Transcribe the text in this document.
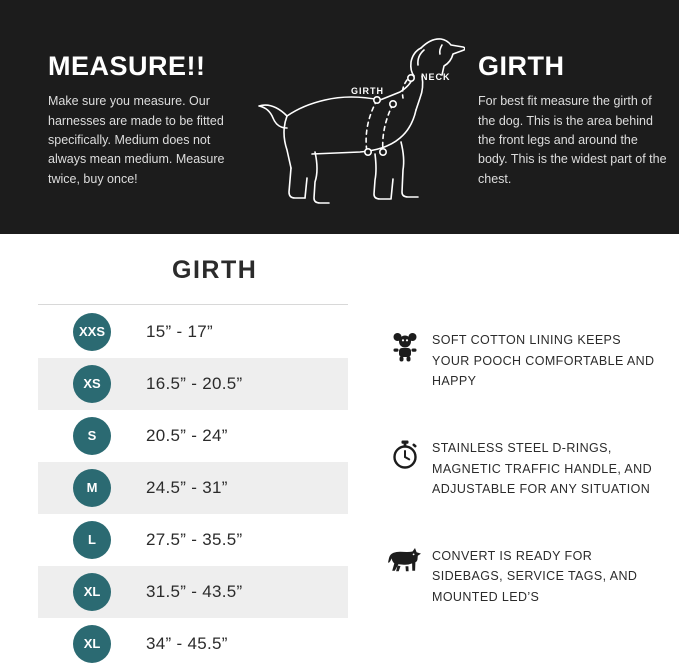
MEASURE!!

Make sure you measure. Our harnesses are made to be fitted specifically. Medium does not always mean medium. Measure twice, buy once!

GIRTH
NECK GIRTH

For best fit measure the girth of the dog. This is the area behind the front legs and around the body. This is the widest part of the chest.

GIRTH

XXS	15” - 17”
XS	16.5” - 20.5”
S	20.5” - 24”
M	24.5” - 31”
L	27.5” - 35.5”
XL	31.5” - 43.5”
XL	34” - 45.5”
SOFT COTTON LINING KEEPS YOUR POOCH COMFORTABLE AND HAPPY
STAINLESS STEEL D-RINGS, MAGNETIC TRAFFIC HANDLE, AND ADJUSTABLE FOR ANY SITUATION
CONVERT IS READY FOR SIDEBAGS, SERVICE TAGS, AND MOUNTED LED’S
